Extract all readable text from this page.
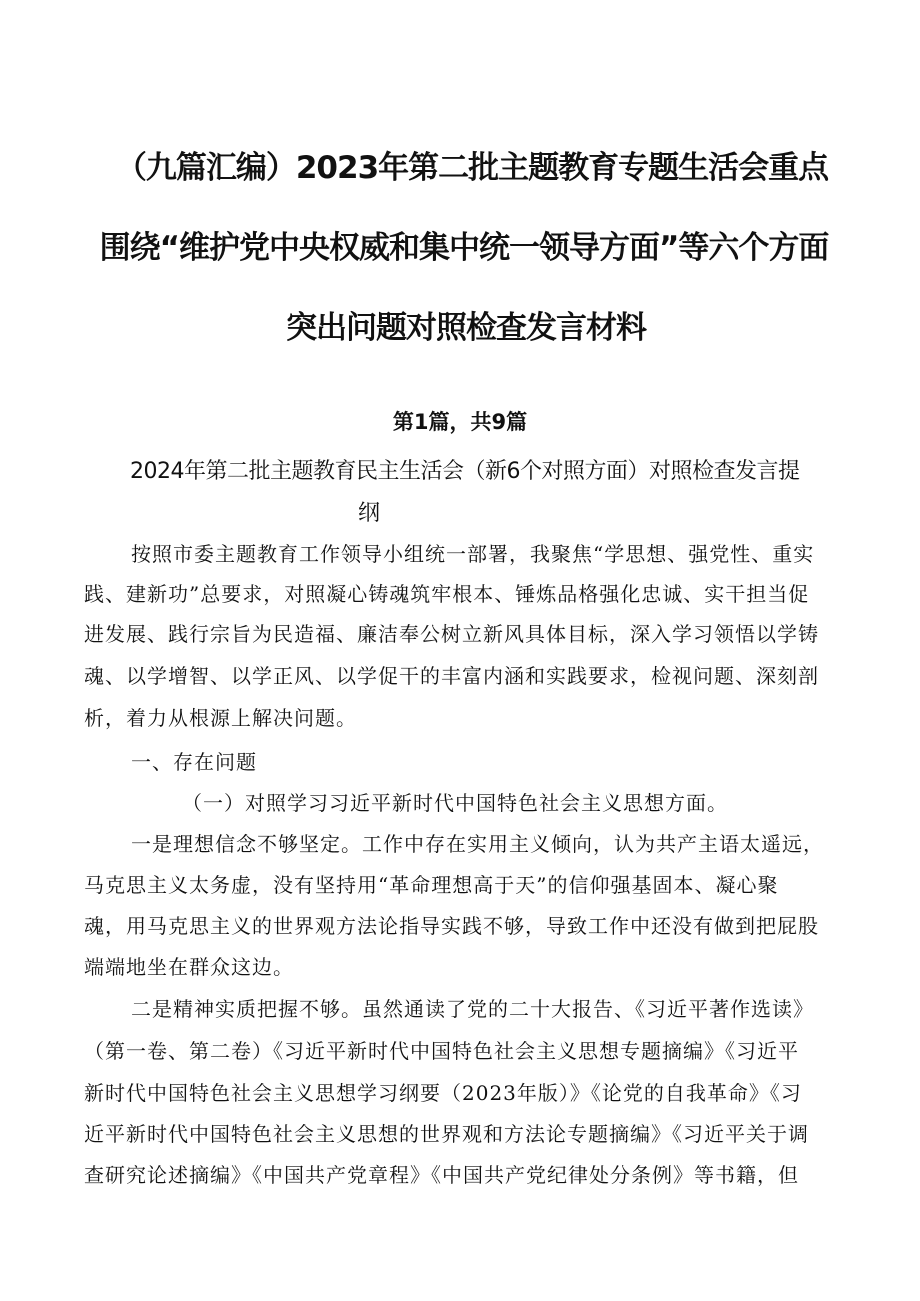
（九篇汇编）2023年第二批主题教育专题生活会重点
围绕“维护党中央权威和集中统一领导方面”等六个方面
突出问题对照检查发言材料
第1篇，共9篇
2024年第二批主题教育民主生活会（新6个对照方面）对照检查发言提
纲
按照市委主题教育工作领导小组统一部署，我聚焦“学思想、强党性、重实
践、建新功”总要求，对照凝心铸魂筑牢根本、锤炼品格强化忠诚、实干担当促
进发展、践行宗旨为民造福、廉洁奉公树立新风具体目标，深入学习领悟以学铸
魂、以学增智、以学正风、以学促干的丰富内涵和实践要求，检视问题、深刻剖
析，着力从根源上解决问题。
一、存在问题
（一）对照学习习近平新时代中国特色社会主义思想方面。
一是理想信念不够坚定。工作中存在实用主义倾向，认为共产主语太遥远，
马克思主义太务虚，没有坚持用“革命理想高于天”的信仰强基固本、凝心聚
魂，用马克思主义的世界观方法论指导实践不够，导致工作中还没有做到把屁股
端端地坐在群众这边。
二是精神实质把握不够。虽然通读了党的二十大报告、《习近平著作选读》
（第一卷、第二卷）《习近平新时代中国特色社会主义思想专题摘编》《习近平
新时代中国特色社会主义思想学习纲要（2023年版）》《论党的自我革命》《习
近平新时代中国特色社会主义思想的世界观和方法论专题摘编》《习近平关于调
查研究论述摘编》《中国共产党章程》《中国共产党纪律处分条例》等书籍，但
